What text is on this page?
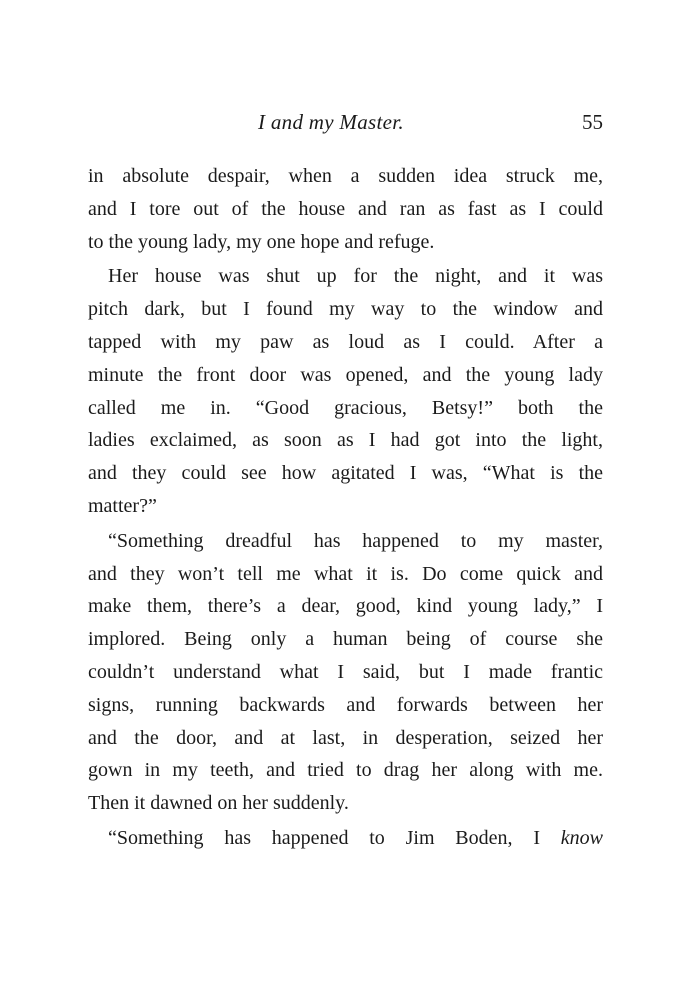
I and my Master.	55
in absolute despair, when a sudden idea struck me,
and I tore out of the house and ran as fast as I could
to the young lady, my one hope and refuge.
Her house was shut up for the night, and it was
pitch dark, but I found my way to the window and
tapped with my paw as loud as I could. After a
minute the front door was opened, and the young lady
called me in. “Good gracious, Betsy!” both the
ladies exclaimed, as soon as I had got into the light,
and they could see how agitated I was, “What is the
matter?”
“Something dreadful has happened to my master,
and they won’t tell me what it is. Do come quick and
make them, there’s a dear, good, kind young lady,” I
implored. Being only a human being of course she
couldn’t understand what I said, but I made frantic
signs, running backwards and forwards between her
and the door, and at last, in desperation, seized her
gown in my teeth, and tried to drag her along with me.
Then it dawned on her suddenly.
“Something has happened to Jim Boden, I know
